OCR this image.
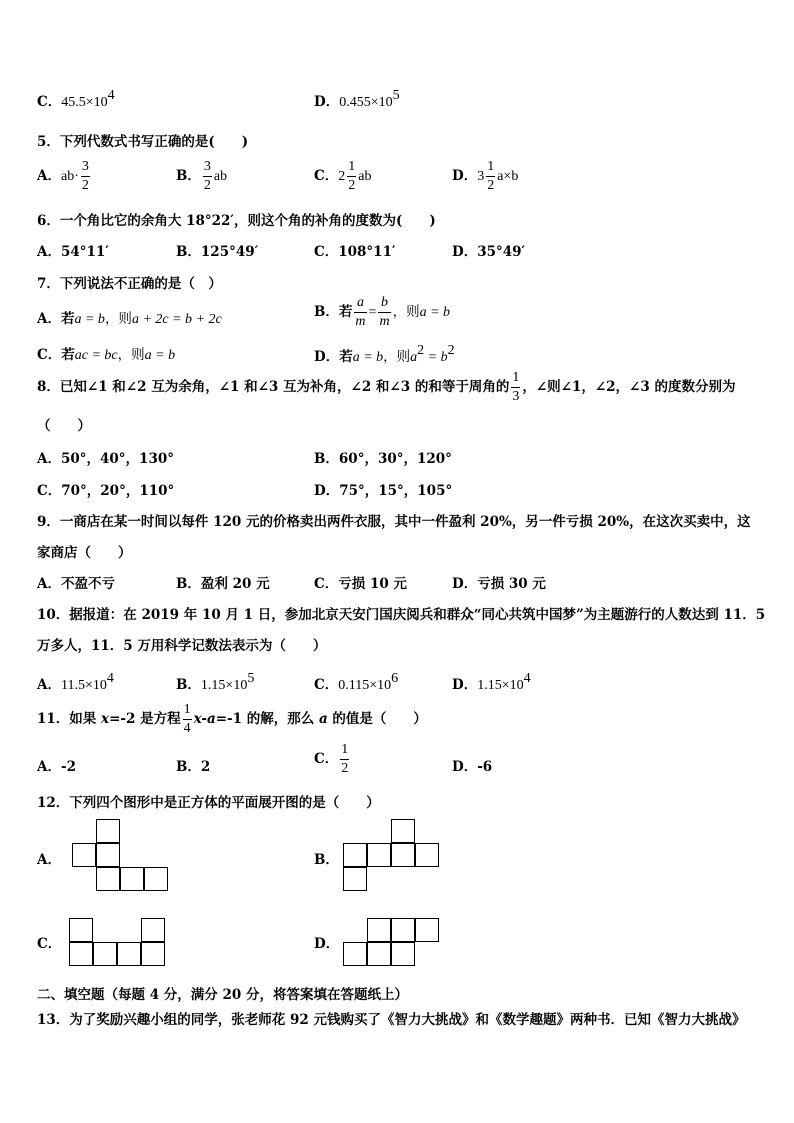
C．$45.5\times 10^4$	D．$0.455\times 10^5$
5．下列代数式书写正确的是(　　)
A．$ab\cdot \frac{3}{2}$	B． $\frac{3}{2}$ ab	C．$2 \frac{1}{2}$ ab	D．$3 \frac{1}{2} a\times b$
6．一个角比它的余角大 18°22′，则这个角的补角的度数为(　　)
A．54°11′	B．125°49′	C．108°11′	D．35°49′
7．下列说法不正确的是（　）
A．若a = b，则a + 2c = b + 2c	B．若 $\frac{a}{m} = \frac{b}{m}$ ，则a = b
C．若ac = bc，则a = b	D．若a = b，则$a^2 = b^2$
8．已知∠1 和∠2 互为余角，∠1 和∠3 互为补角，∠2 和∠3 的和等于周角的 $\frac{1}{3}$ ，∠则∠1，∠2，∠3 的度数分别为
（　　）
A．50°，40°，130°	B．60°，30°，120°
C．70°，20°，110°	D．75°，15°，105°
9．一商店在某一时间以每件 120 元的价格卖出两件衣服，其中一件盈利 20%，另一件亏损 20%，在这次买卖中，这
家商店（　　）
A．不盈不亏	B．盈利 20 元	C．亏损 10 元	D．亏损 30 元
10．据报道：在 2019 年 10 月 1 日，参加北京天安门国庆阅兵和群众“同心共筑中国梦”为主题游行的人数达到 11．5
万多人，11．5 万用科学记数法表示为（　　）
A．$11.5\times 10^4$	B．$1.15\times 10^5$	C．$0.115\times 10^6$	D．$1.15\times 10^4$
11．如果 x=-2 是方程 $\frac{1}{4} x-a=-1$ 的解，那么 a 的值是（　　）
A．-2	B．2	C． $\frac{1}{2}$	D．-6
12．下列四个图形中是正方体的平面展开图的是（　　）
A．	B．
C．	D．
二、填空题（每题 4 分，满分 20 分，将答案填在答题纸上）
13．为了奖励兴趣小组的同学，张老师花 92 元钱购买了《智力大挑战》和《数学趣题》两种书．已知《智力大挑战》
